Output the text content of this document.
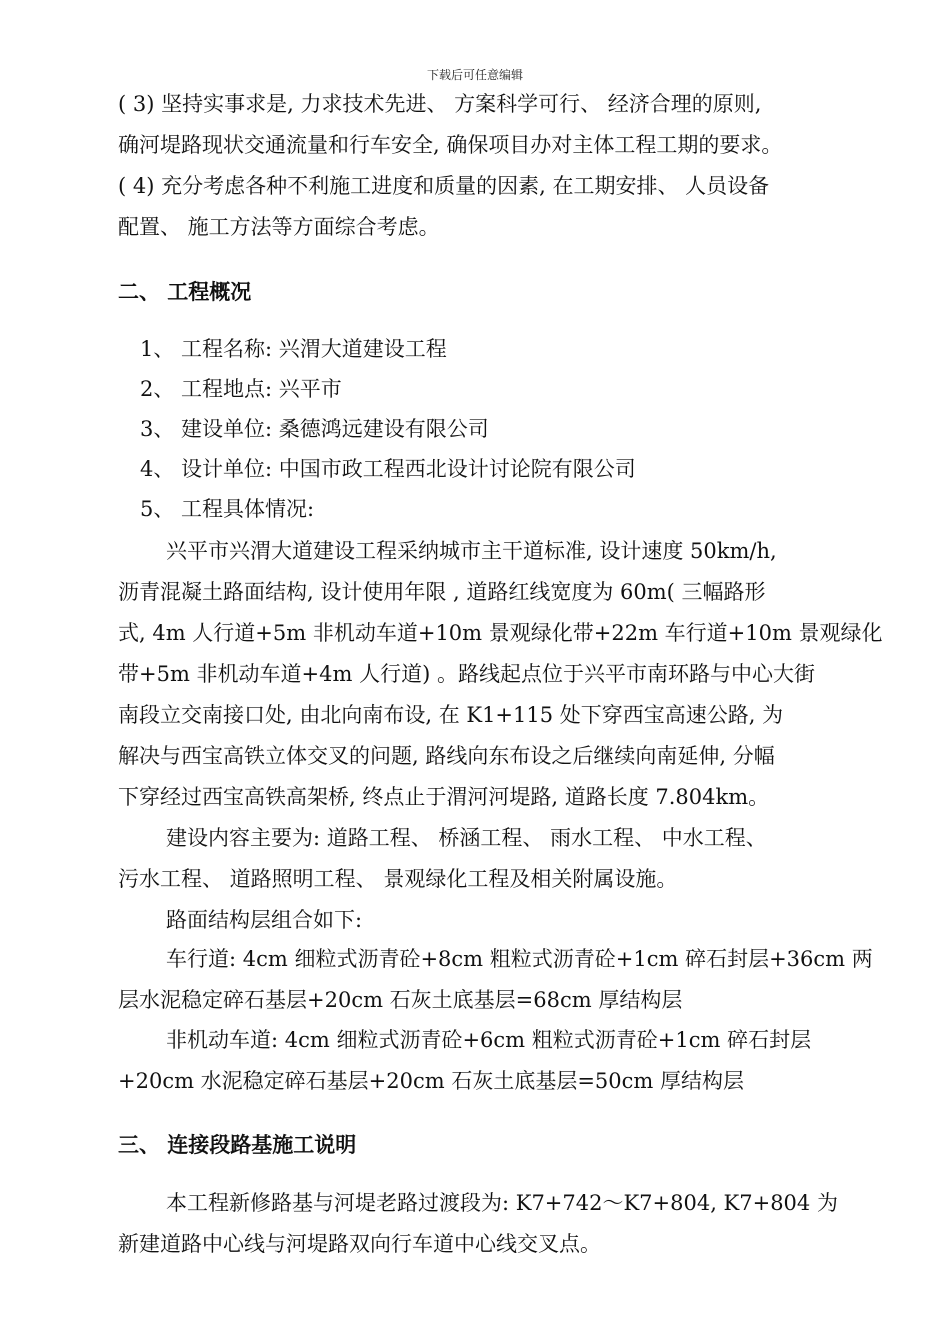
下载后可任意编辑
( 3) 坚持实事求是, 力求技术先进、 方案科学可行、 经济合理的原则,
确河堤路现状交通流量和行车安全, 确保项目办对主体工程工期的要求。
( 4) 充分考虑各种不利施工进度和质量的因素, 在工期安排、 人员设备
配置、 施工方法等方面综合考虑。
二、 工程概况
1、 工程名称: 兴渭大道建设工程
2、 工程地点: 兴平市
3、 建设单位: 桑德鸿远建设有限公司
4、 设计单位: 中国市政工程西北设计讨论院有限公司
5、 工程具体情况:
兴平市兴渭大道建设工程采纳城市主干道标准, 设计速度 50km/h,
沥青混凝土路面结构, 设计使用年限 , 道路红线宽度为 60m( 三幅路形
式, 4m 人行道+5m 非机动车道+10m 景观绿化带+22m 车行道+10m 景观绿化
带+5m 非机动车道+4m 人行道) 。路线起点位于兴平市南环路与中心大街
南段立交南接口处, 由北向南布设, 在 K1+115 处下穿西宝高速公路, 为
解决与西宝高铁立体交叉的问题, 路线向东布设之后继续向南延伸, 分幅
下穿经过西宝高铁高架桥, 终点止于渭河河堤路, 道路长度 7.804km。
建设内容主要为: 道路工程、 桥涵工程、 雨水工程、 中水工程、
污水工程、 道路照明工程、 景观绿化工程及相关附属设施。
路面结构层组合如下:
车行道: 4cm 细粒式沥青砼+8cm 粗粒式沥青砼+1cm 碎石封层+36cm 两
层水泥稳定碎石基层+20cm 石灰土底基层=68cm 厚结构层
非机动车道: 4cm 细粒式沥青砼+6cm 粗粒式沥青砼+1cm 碎石封层
+20cm 水泥稳定碎石基层+20cm 石灰土底基层=50cm 厚结构层
三、 连接段路基施工说明
本工程新修路基与河堤老路过渡段为: K7+742～K7+804, K7+804 为
新建道路中心线与河堤路双向行车道中心线交叉点。
